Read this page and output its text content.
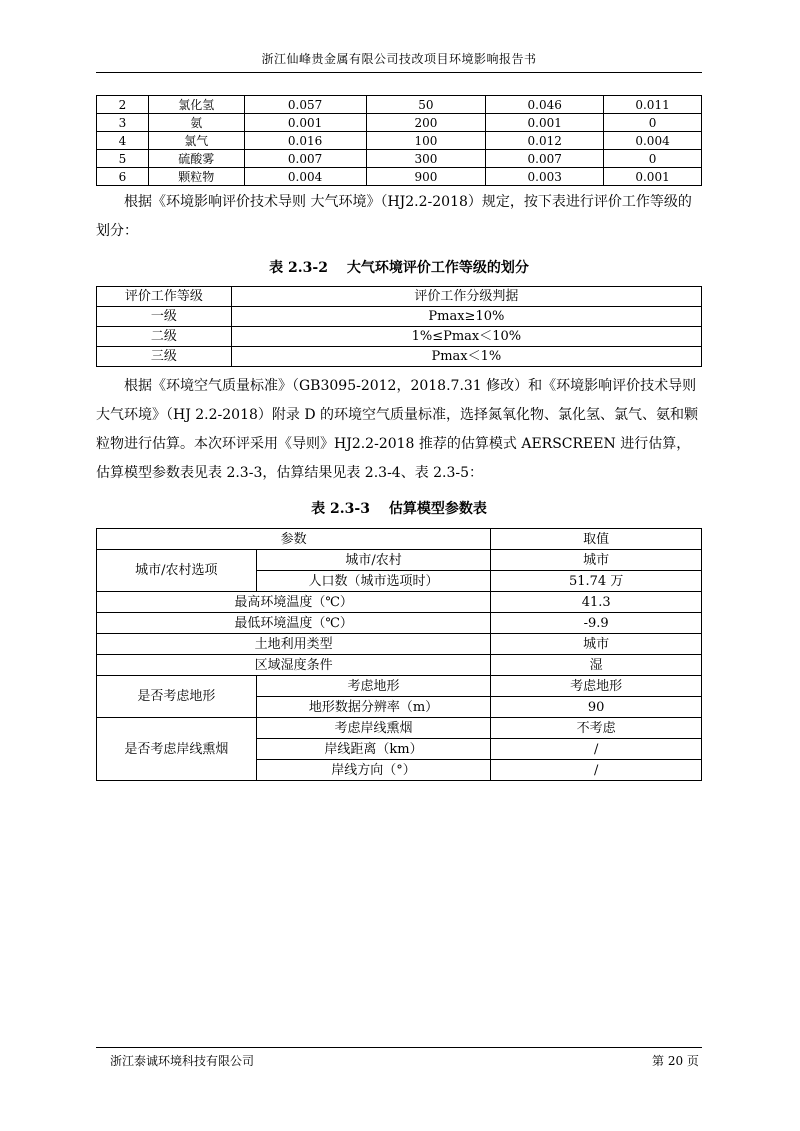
浙江仙峰贵金属有限公司技改项目环境影响报告书
2	氯化氢	0.057	50	0.046	0.011
3	氨	0.001	200	0.001	0
4	氯气	0.016	100	0.012	0.004
5	硫酸雾	0.007	300	0.007	0
6	颗粒物	0.004	900	0.003	0.001
根据《环境影响评价技术导则 大气环境》（HJ2.2-2018）规定，按下表进行评价工作等级的划分：
表 2.3-2　 大气环境评价工作等级的划分
评价工作等级	评价工作分级判据
一级	Pmax≥10%
二级	1%≤Pmax＜10%
三级	Pmax＜1%
根据《环境空气质量标准》（GB3095-2012，2018.7.31 修改）和《环境影响评价技术导则　大气环境》（HJ 2.2-2018）附录 D 的环境空气质量标准，选择氮氧化物、氯化氢、氯气、氨和颗粒物进行估算。本次环评采用《导则》HJ2.2-2018 推荐的估算模式 AERSCREEN 进行估算，估算模型参数表见表 2.3-3，估算结果见表 2.3-4、表 2.3-5：
表 2.3-3　 估算模型参数表
参数		取值
城市/农村选项	城市/农村	城市
	人口数（城市选项时）	51.74 万
最高环境温度（℃）		41.3
最低环境温度（℃）		-9.9
土地利用类型		城市
区域湿度条件		湿
是否考虑地形	考虑地形	考虑地形
	地形数据分辨率（m）	90
是否考虑岸线熏烟	考虑岸线熏烟	不考虑
	岸线距离（km）	/
	岸线方向（°）	/
浙江泰诚环境科技有限公司	第 20 页
